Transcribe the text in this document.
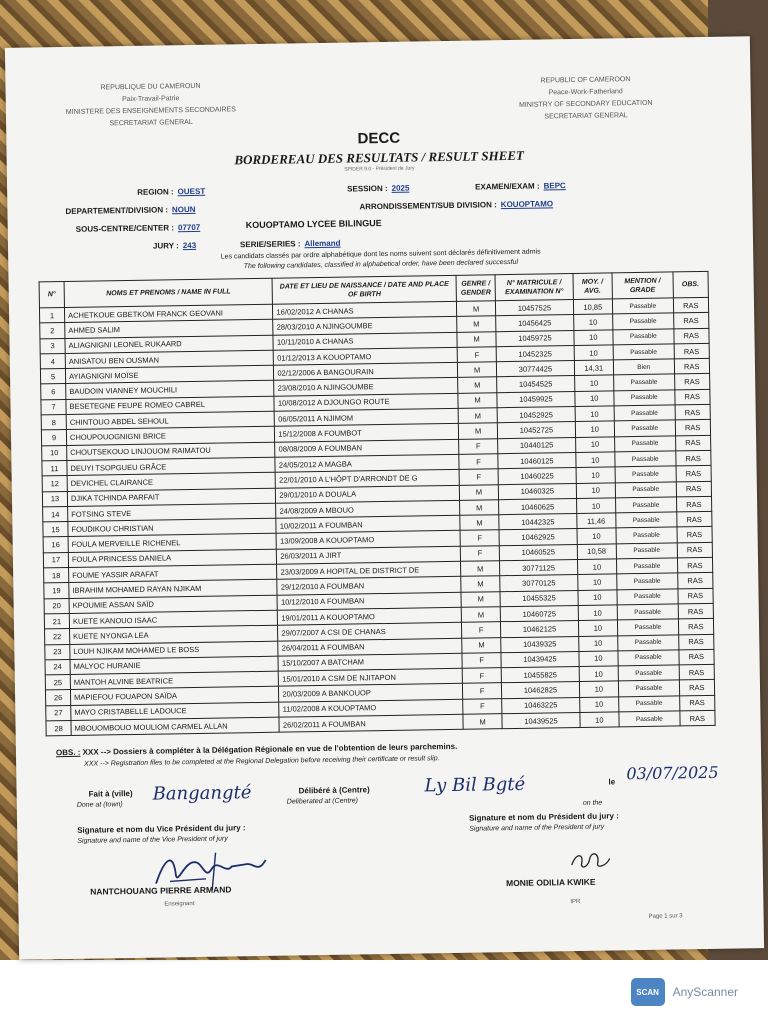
REPUBLIQUE DU CAMEROUN
Paix-Travail-Patrie
MINISTERE DES ENSEIGNEMENTS SECONDAIRES
SECRETARIAT GENERAL
REPUBLIC OF CAMEROON
Peace-Work-Fatherland
MINISTRY OF SECONDARY EDUCATION
SECRETARIAT GENERAL
DECC
BORDEREAU DES RESULTATS / RESULT SHEET
SPIDER 9.0 - Président de Jury
REGION : OUEST	SESSION : 2025	EXAMEN/EXAM : BEPC
DEPARTEMENT/DIVISION : NOUN	ARRONDISSEMENT/SUB DIVISION : KOUOPTAMO
SOUS-CENTRE/CENTER : 07707	KOUOPTAMO LYCEE BILINGUE
JURY : 243	SERIE/SERIES : Allemand
Les candidats classés par ordre alphabétique dont les noms suivent sont déclarés définitivement admis
The following candidates, classified in alphabetical order, have been declared successful
N°	NOMS ET PRENOMS / NAME IN FULL	DATE ET LIEU DE NAISSANCE / DATE AND PLACE OF BIRTH	GENRE / GENDER	N° MATRICULE / EXAMINATION N°	MOY. / AVG.	MENTION / GRADE	OBS.
1	ACHETKOUE GBETKOM FRANCK GEOVANI	16/02/2012 A CHANAS	M	10457525	10,85	Passable	RAS
2	AHMED SALIM	28/03/2010 A NJINGOUMBE	M	10456425	10	Passable	RAS
3	ALIAGNIGNI LEONEL RUKAARD	10/11/2010 A CHANAS	M	10459725	10	Passable	RAS
4	ANISATOU BEN OUSMAN	01/12/2013 A KOUOPTAMO	F	10452325	10	Passable	RAS
5	AYIAGNIGNI MOÏSE	02/12/2006 A BANGOURAIN	M	30774425	14,31	Bien	RAS
6	BAUDOIN VIANNEY MOUCHILI	23/08/2010 A NJINGOUMBE	M	10454525	10	Passable	RAS
7	BESETEGNE FEUPE ROMEO CABREL	10/08/2012 A DJOUNGO ROUTE	M	10459925	10	Passable	RAS
8	CHINTOUO ABDEL SEHOUL	06/05/2011 A NJIMOM	M	10452925	10	Passable	RAS
9	CHOUPOUOGNIGNI BRICE	15/12/2008 A FOUMBOT	M	10452725	10	Passable	RAS
10	CHOUTSEKOUO LINJOUOM RAIMATOU	08/08/2009 A FOUMBAN	F	10440125	10	Passable	RAS
11	DEUYI TSOPGUEU GRÂCE	24/05/2012 A MAGBA	F	10460125	10	Passable	RAS
12	DEVICHEL CLAIRANCE	22/01/2010 A L'HÔPT D'ARRONDT DE G	F	10460225	10	Passable	RAS
13	DJIKA TCHINDA PARFAIT	29/01/2010 A DOUALA	M	10460325	10	Passable	RAS
14	FOTSING STEVE	24/08/2009 A MBOUO	M	10460625	10	Passable	RAS
15	FOUDIKOU CHRISTIAN	10/02/2011 A FOUMBAN	M	10442325	11,46	Passable	RAS
16	FOULA MERVEILLE RICHENEL	13/09/2008 A KOUOPTAMO	F	10462925	10	Passable	RAS
17	FOULA PRINCESS DANIELA	26/03/2011 A JIRT	F	10460525	10,58	Passable	RAS
18	FOUME YASSIR ARAFAT	23/03/2009 A HOPITAL DE DISTRICT DE	M	30771125	10	Passable	RAS
19	IBRAHIM MOHAMED RAYAN NJIKAM	29/12/2010 A FOUMBAN	M	30770125	10	Passable	RAS
20	KPOUMIE ASSAN SAÏD	10/12/2010 A FOUMBAN	M	10455325	10	Passable	RAS
21	KUETE KANOUO ISAAC	19/01/2011 A KOUOPTAMO	M	10460725	10	Passable	RAS
22	KUETE NYONGA LEA	29/07/2007 A CSI DE CHANAS	F	10462125	10	Passable	RAS
23	LOUH NJIKAM MOHAMED LE BOSS	26/04/2011 A FOUMBAN	M	10439325	10	Passable	RAS
24	MALYOC HURANIE	15/10/2007 A BATCHAM	F	10439425	10	Passable	RAS
25	MANTOH ALVINE BEATRICE	15/01/2010 A CSM DE NJITAPON	F	10455825	10	Passable	RAS
26	MAPIEFOU FOUAPON SAÏDA	20/03/2009 A BANKOUOP	F	10462825	10	Passable	RAS
27	MAYO CRISTABELLE LADOUCE	11/02/2008 A KOUOPTAMO	F	10463225	10	Passable	RAS
28	MBOUOMBOUO MOULIOM CARMEL ALLAN	26/02/2011 A FOUMBAN	M	10439525	10	Passable	RAS
OBS. : XXX --> Dossiers à compléter à la Délégation Régionale en vue de l'obtention de leurs parchemins.
XXX --> Registration files to be completed at the Regional Delegation before receiving their certificate or result slip.
Fait à (ville)
Done at (town)
Bangangté	Délibéré à (Centre)
Deliberated at (Centre)
Ly Bil Bgté	le
on the
03/07/2025
Signature et nom du Vice Président du jury :
Signature and name of the Vice President of jury
Signature et nom du Président du jury :
Signature and name of the President of jury
NANTCHOUANG PIERRE ARMAND
Enseignant
MONIE ODILIA KWIKE
IPR
Page 1 sur 3
SCAN	AnyScanner
